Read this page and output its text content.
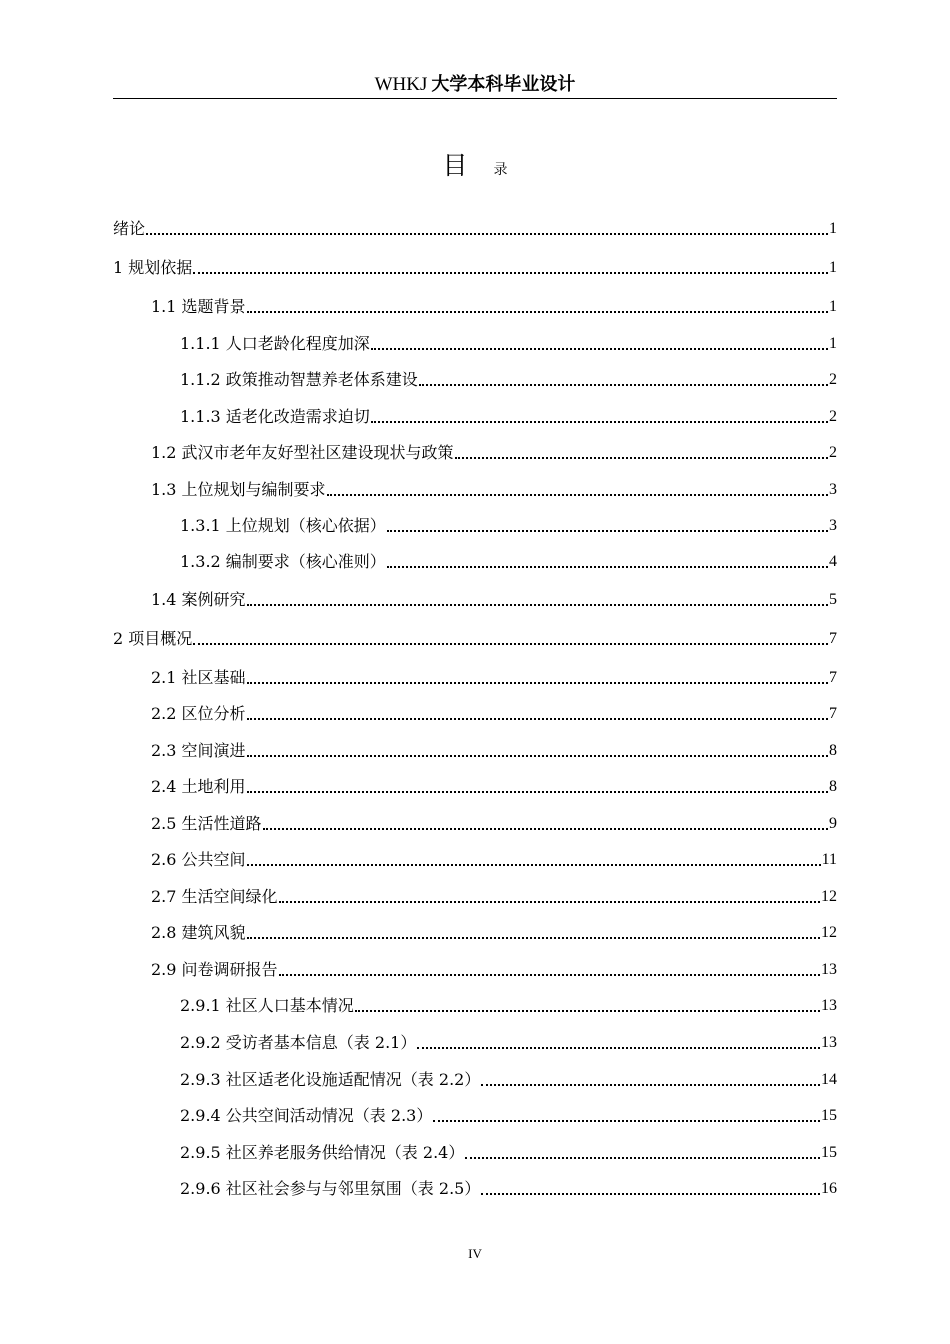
WHKJ 大学本科毕业设计
目 录
绪论	1
1 规划依据	1
1.1 选题背景	1
1.1.1 人口老龄化程度加深	1
1.1.2 政策推动智慧养老体系建设	2
1.1.3 适老化改造需求迫切	2
1.2 武汉市老年友好型社区建设现状与政策	2
1.3 上位规划与编制要求	3
1.3.1 上位规划（核心依据）	3
1.3.2 编制要求（核心准则）	4
1.4 案例研究	5
2 项目概况	7
2.1 社区基础	7
2.2 区位分析	7
2.3 空间演进	8
2.4 土地利用	8
2.5 生活性道路	9
2.6 公共空间	11
2.7 生活空间绿化	12
2.8 建筑风貌	12
2.9 问卷调研报告	13
2.9.1 社区人口基本情况	13
2.9.2 受访者基本信息（表 2.1）	13
2.9.3 社区适老化设施适配情况（表 2.2）	14
2.9.4 公共空间活动情况（表 2.3）	15
2.9.5 社区养老服务供给情况（表 2.4）	15
2.9.6 社区社会参与与邻里氛围（表 2.5）	16
IV
